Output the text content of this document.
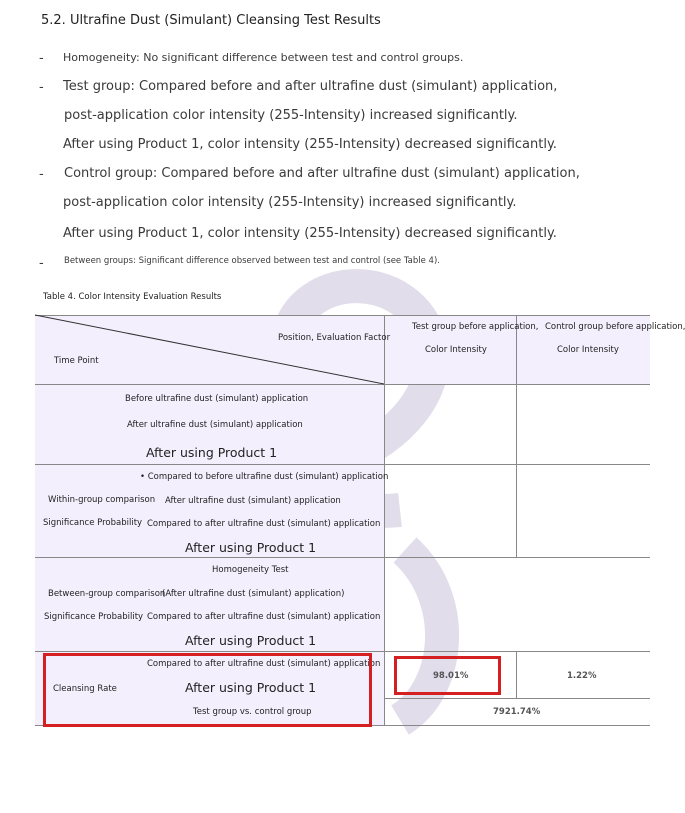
5.2. Ultrafine Dust (Simulant) Cleansing Test Results
- Homogeneity: No significant difference between test and control groups.
- Test group: Compared before and after ultrafine dust (simulant) application,
post-application color intensity (255-Intensity) increased significantly.
After using Product 1, color intensity (255-Intensity) decreased significantly.
- Control group: Compared before and after ultrafine dust (simulant) application,
post-application color intensity (255-Intensity) increased significantly.
After using Product 1, color intensity (255-Intensity) decreased significantly.
- Between groups: Significant difference observed between test and control (see Table 4).
Table 4. Color Intensity Evaluation Results
Position, Evaluation Factor
Time Point
Test group before application,
Color Intensity
Control group before application,
Color Intensity
Before ultrafine dust (simulant) application
After ultrafine dust (simulant) application
After using Product 1
• Compared to before ultrafine dust (simulant) application
Within-group comparison After ultrafine dust (simulant) application
Significance Probability Compared to after ultrafine dust (simulant) application
After using Product 1
Homogeneity Test
Between-group comparison
(After ultrafine dust (simulant) application)
Significance Probability Compared to after ultrafine dust (simulant) application
After using Product 1
Compared to after ultrafine dust (simulant) application
Cleansing Rate	After using Product 1
Test group vs. control group
98.01%	1.22%
7921.74%
